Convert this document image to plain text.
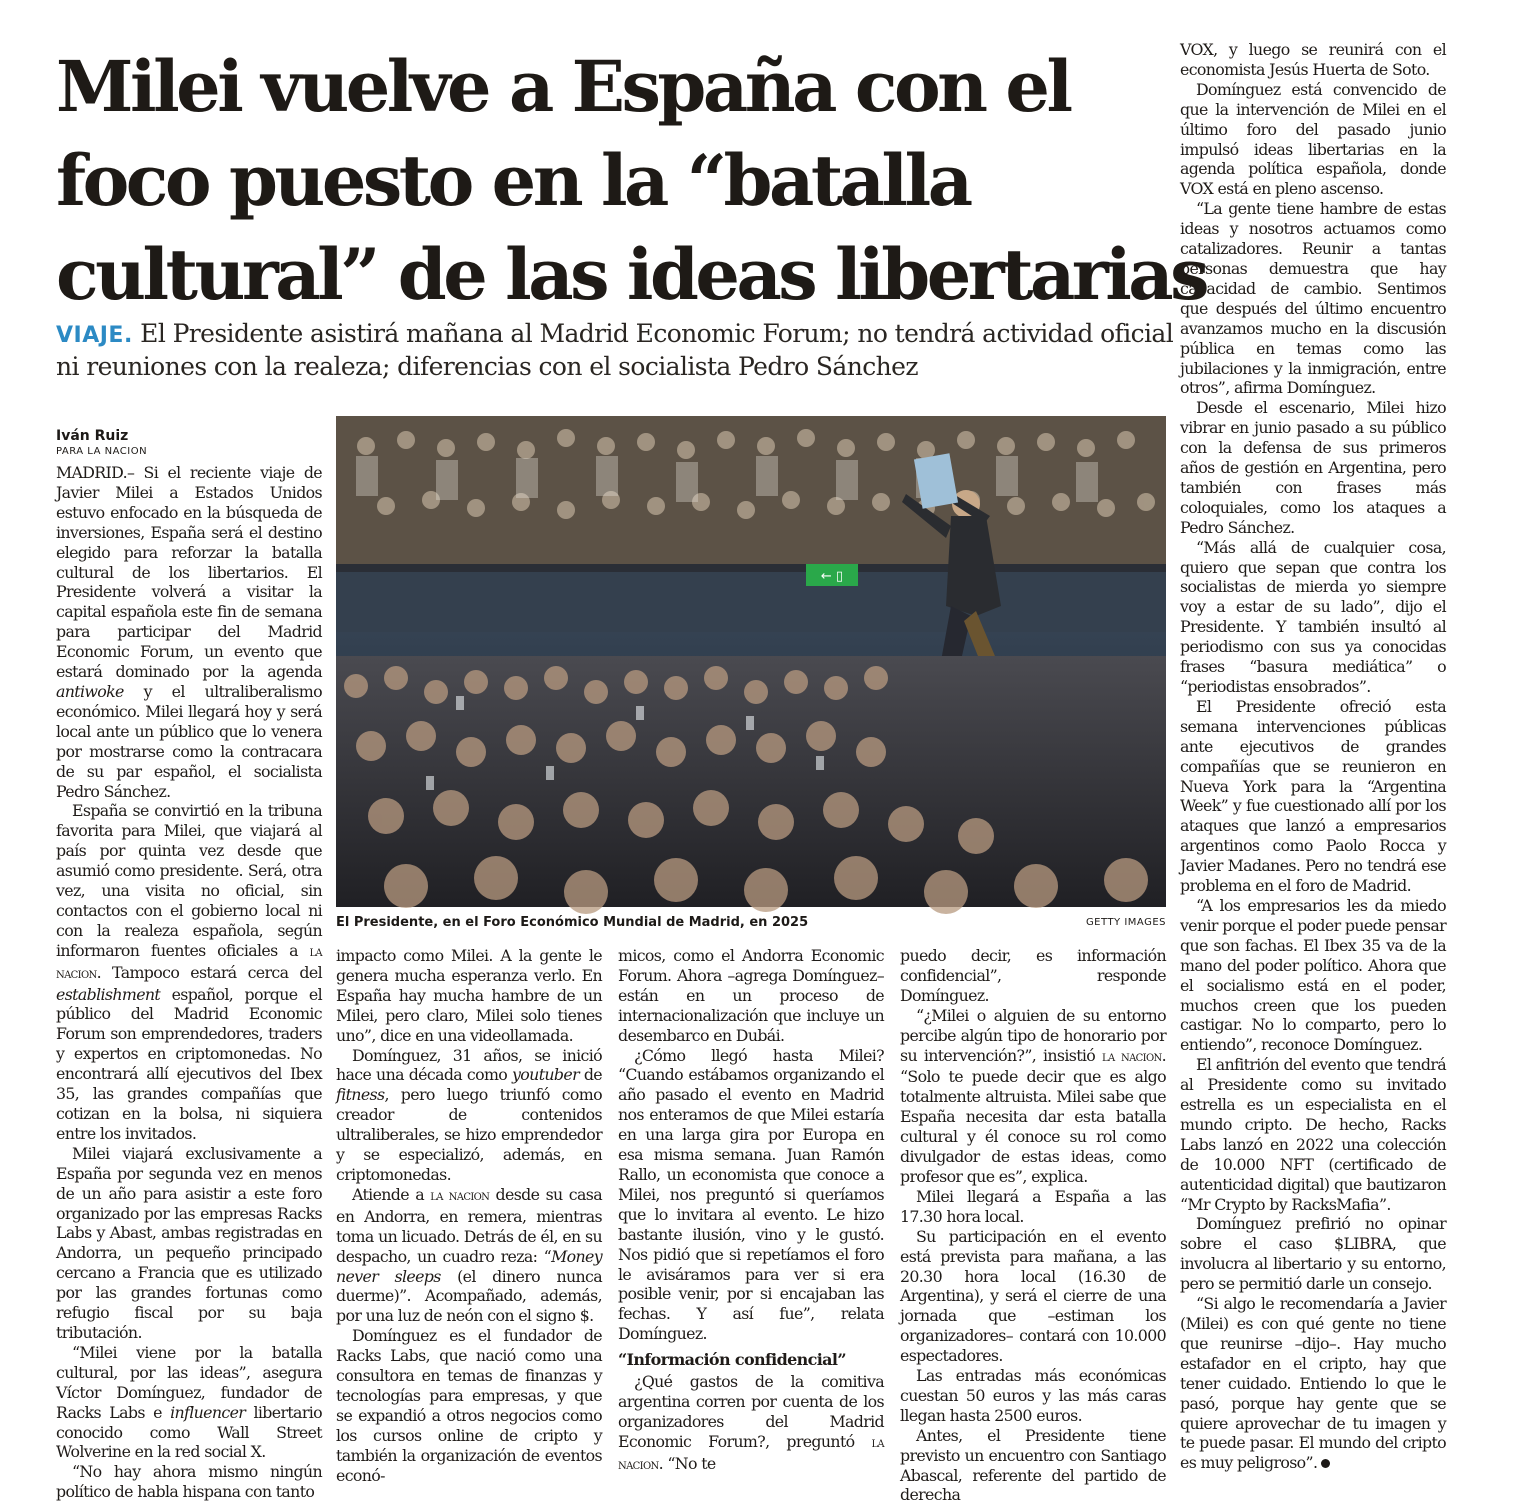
Milei vuelve a España con el
foco puesto en la “batalla
cultural” de las ideas libertarias
VIAJE. El Presidente asistirá mañana al Madrid Economic Forum; no tendrá actividad oficial
ni reuniones con la realeza; diferencias con el socialista Pedro Sánchez
Iván Ruiz
PARA LA NACION
← ▯
El Presidente, en el Foro Económico Mundial de Madrid, en 2025	GETTY IMAGES

MADRID.– Si el reciente viaje de Javier Milei a Estados Unidos estuvo enfocado en la búsqueda de inversiones, España será el destino elegido para reforzar la batalla cultural de los libertarios. El Presidente volverá a visitar la capital española este fin de semana para participar del Madrid Economic Forum, un evento que estará dominado por la agenda antiwoke y el ultraliberalismo económico. Milei llegará hoy y será local ante un público que lo venera por mostrarse como la contracara de su par español, el socialista Pedro Sánchez.

España se convirtió en la tribuna favorita para Milei, que viajará al país por quinta vez desde que asumió como presidente. Será, otra vez, una visita no oficial, sin contactos con el gobierno local ni con la realeza española, según informaron fuentes oficiales a la nacion. Tampoco estará cerca del establishment español, porque el público del Madrid Economic Forum son emprendedores, traders y expertos en criptomonedas. No encontrará allí ejecutivos del Ibex 35, las grandes compañías que cotizan en la bolsa, ni siquiera entre los invitados.

Milei viajará exclusivamente a España por segunda vez en menos de un año para asistir a este foro organizado por las empresas Racks Labs y Abast, ambas registradas en Andorra, un pequeño principado cercano a Francia que es utilizado por las grandes fortunas como refugio fiscal por su baja tributación.

“Milei viene por la batalla cultural, por las ideas”, asegura Víctor Domínguez, fundador de Racks Labs e influencer libertario conocido como Wall Street Wolverine en la red social X.

“No hay ahora mismo ningún político de habla hispana con tanto

impacto como Milei. A la gente le genera mucha esperanza verlo. En España hay mucha hambre de un Milei, pero claro, Milei solo tienes uno”, dice en una videollamada.

Domínguez, 31 años, se inició hace una década como youtuber de fitness, pero luego triunfó como creador de contenidos ultraliberales, se hizo emprendedor y se especializó, además, en criptomonedas.

Atiende a la nacion desde su casa en Andorra, en remera, mientras toma un licuado. Detrás de él, en su despacho, un cuadro reza: “Money never sleeps (el dinero nunca duerme)”. Acompañado, además, por una luz de neón con el signo $.

Domínguez es el fundador de Racks Labs, que nació como una consultora en temas de finanzas y tecnologías para empresas, y que se expandió a otros negocios como los cursos online de cripto y también la organización de eventos econó-

micos, como el Andorra Economic Forum. Ahora –agrega Domínguez– están en un proceso de internacionalización que incluye un desembarco en Dubái.

¿Cómo llegó hasta Milei? “Cuando estábamos organizando el año pasado el evento en Madrid nos enteramos de que Milei estaría en una larga gira por Europa en esa misma semana. Juan Ramón Rallo, un economista que conoce a Milei, nos preguntó si queríamos que lo invitara al evento. Le hizo bastante ilusión, vino y le gustó. Nos pidió que si repetíamos el foro le avisáramos para ver si era posible venir, por si encajaban las fechas. Y así fue”, relata Domínguez.

“Información confidencial”

¿Qué gastos de la comitiva argentina corren por cuenta de los organizadores del Madrid Economic Forum?, preguntó la nacion. “No te

puedo decir, es información confidencial”, responde Domínguez.

“¿Milei o alguien de su entorno percibe algún tipo de honorario por su intervención?”, insistió la nacion. “Solo te puede decir que es algo totalmente altruista. Milei sabe que España necesita dar esta batalla cultural y él conoce su rol como divulgador de estas ideas, como profesor que es”, explica.

Milei llegará a España a las 17.30 hora local.

Su participación en el evento está prevista para mañana, a las 20.30 hora local (16.30 de Argentina), y será el cierre de una jornada que –estiman los organizadores– contará con 10.000 espectadores.

Las entradas más económicas cuestan 50 euros y las más caras llegan hasta 2500 euros.

Antes, el Presidente tiene previsto un encuentro con Santiago Abascal, referente del partido de derecha

VOX, y luego se reunirá con el economista Jesús Huerta de Soto.

Domínguez está convencido de que la intervención de Milei en el último foro del pasado junio impulsó ideas libertarias en la agenda política española, donde VOX está en pleno ascenso.

“La gente tiene hambre de estas ideas y nosotros actuamos como catalizadores. Reunir a tantas personas demuestra que hay capacidad de cambio. Sentimos que después del último encuentro avanzamos mucho en la discusión pública en temas como las jubilaciones y la inmigración, entre otros”, afirma Domínguez.

Desde el escenario, Milei hizo vibrar en junio pasado a su público con la defensa de sus primeros años de gestión en Argentina, pero también con frases más coloquiales, como los ataques a Pedro Sánchez.

“Más allá de cualquier cosa, quiero que sepan que contra los socialistas de mierda yo siempre voy a estar de su lado”, dijo el Presidente. Y también insultó al periodismo con sus ya conocidas frases “basura mediática” o “periodistas ensobrados”.

El Presidente ofreció esta semana intervenciones públicas ante ejecutivos de grandes compañías que se reunieron en Nueva York para la “Argentina Week” y fue cuestionado allí por los ataques que lanzó a empresarios argentinos como Paolo Rocca y Javier Madanes. Pero no tendrá ese problema en el foro de Madrid.

“A los empresarios les da miedo venir porque el poder puede pensar que son fachas. El Ibex 35 va de la mano del poder político. Ahora que el socialismo está en el poder, muchos creen que los pueden castigar. No lo comparto, pero lo entiendo”, reconoce Domínguez.

El anfitrión del evento que tendrá al Presidente como su invitado estrella es un especialista en el mundo cripto. De hecho, Racks Labs lanzó en 2022 una colección de 10.000 NFT (certificado de autenticidad digital) que bautizaron “Mr Crypto by RacksMafia”.

Domínguez prefirió no opinar sobre el caso $LIBRA, que involucra al libertario y su entorno, pero se permitió darle un consejo.

“Si algo le recomendaría a Javier (Milei) es con qué gente no tiene que reunirse –dijo–. Hay mucho estafador en el cripto, hay que tener cuidado. Entiendo lo que le pasó, porque hay gente que se quiere aprovechar de tu imagen y te puede pasar. El mundo del cripto es muy peligroso”.
